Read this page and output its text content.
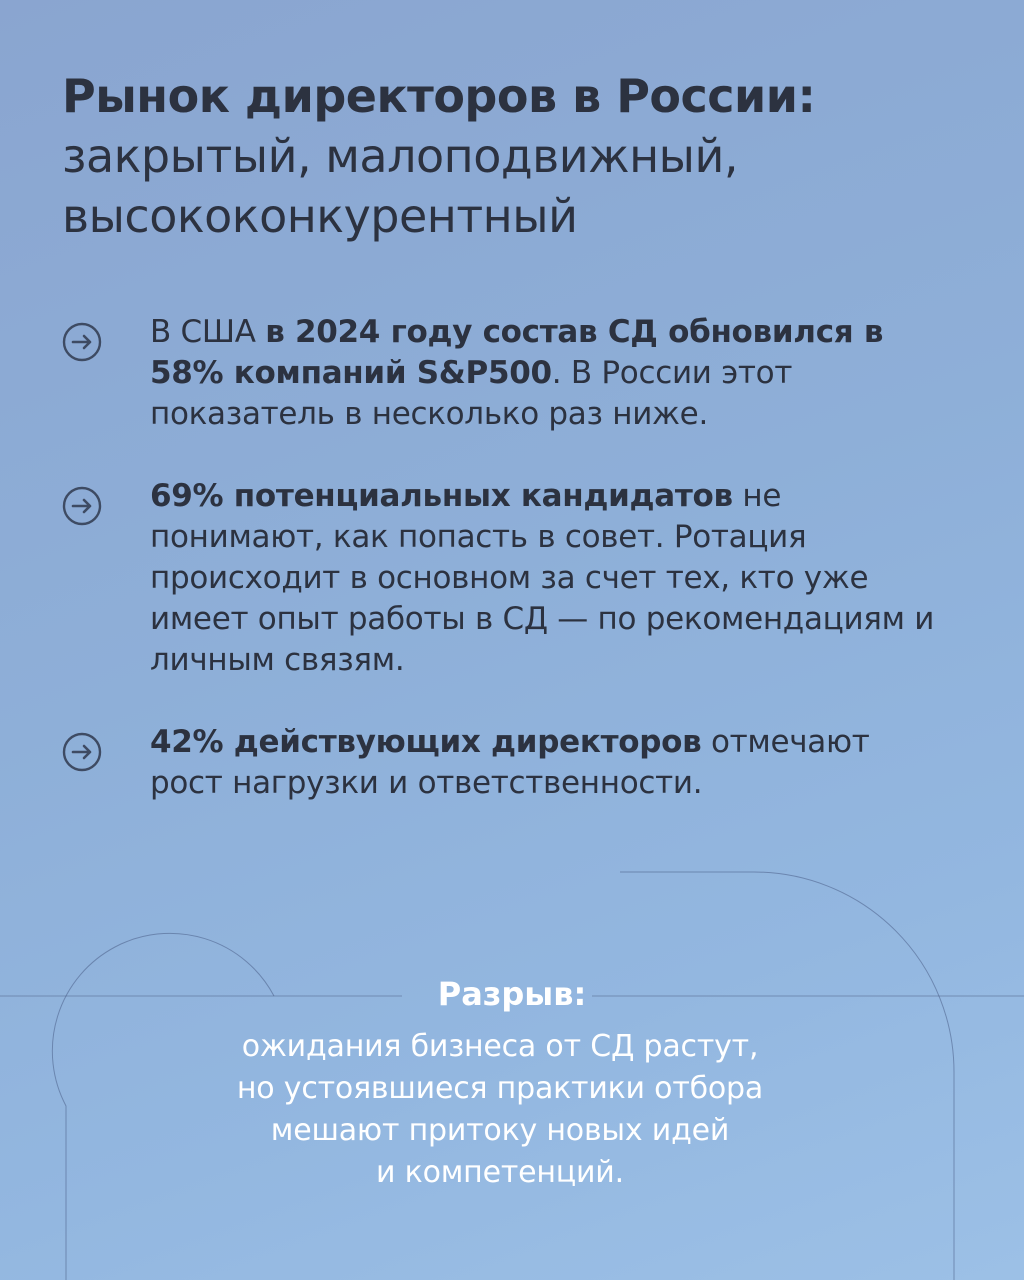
Рынок директоров в России:
закрытый, малоподвижный,
высококонкурентный
В США в 2024 году состав СД обновился в 58% компаний S&P500. В России этот показатель в несколько раз ниже.
69% потенциальных кандидатов не понимают, как попасть в совет. Ротация происходит в основном за счет тех, кто уже имеет опыт работы в СД — по рекомендациям и личным связям.
42% действующих директоров отмечают рост нагрузки и ответственности.
Разрыв:
ожидания бизнеса от СД растут,
но устоявшиеся практики отбора
мешают притоку новых идей
и компетенций.
